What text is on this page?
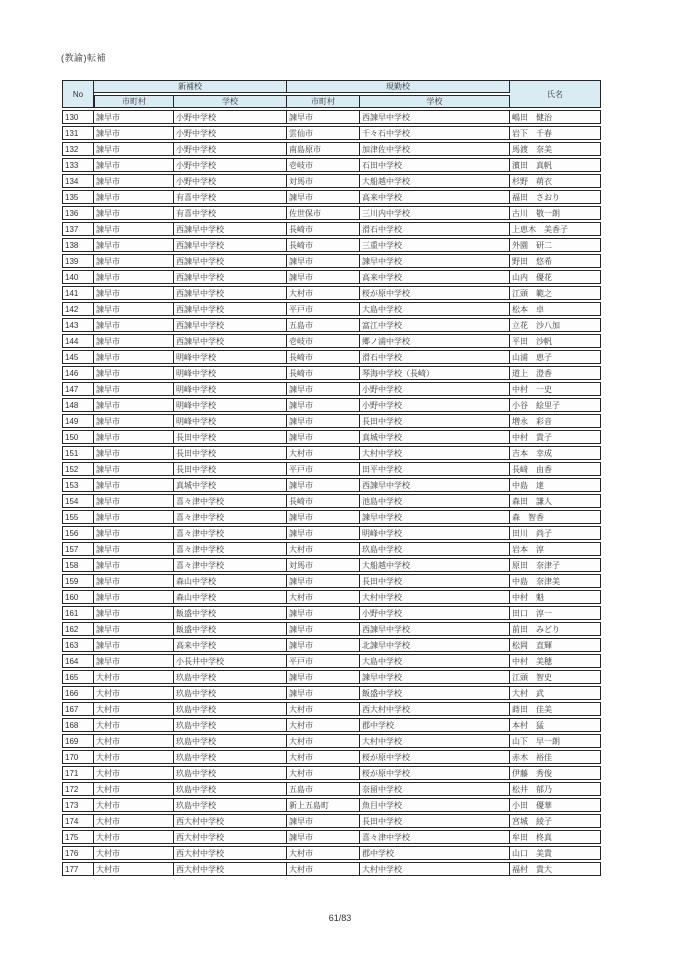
(教諭)転補
No	新補校		現勤校		氏名
	市町村	学校	市町村	学校	
130	諫早市	小野中学校	諫早市	西諫早中学校	嶋田　健治
131	諫早市	小野中学校	雲仙市	千々石中学校	岩下　千春
132	諫早市	小野中学校	南島原市	加津佐中学校	馬渡　奈美
133	諫早市	小野中学校	壱岐市	石田中学校	濱田　真帆
134	諫早市	小野中学校	対馬市	大船越中学校	杉野　萌衣
135	諫早市	有喜中学校	諫早市	高来中学校	福田　さおり
136	諫早市	有喜中学校	佐世保市	三川内中学校	古川　敬一朗
137	諫早市	西諫早中学校	長崎市	滑石中学校	上恵木　美香子
138	諫早市	西諫早中学校	長崎市	三重中学校	外園　研二
139	諫早市	西諫早中学校	諫早市	諫早中学校	野田　悠希
140	諫早市	西諫早中学校	諫早市	高来中学校	山内　優花
141	諫早市	西諫早中学校	大村市	桜が原中学校	江頭　範之
142	諫早市	西諫早中学校	平戸市	大島中学校	松本　卓
143	諫早市	西諫早中学校	五島市	富江中学校	立花　沙八加
144	諫早市	西諫早中学校	壱岐市	郷ノ浦中学校	平田　沙帆
145	諫早市	明峰中学校	長崎市	滑石中学校	山浦　恵子
146	諫早市	明峰中学校	長崎市	琴海中学校（長崎）	道上　澄香
147	諫早市	明峰中学校	諫早市	小野中学校	中村　一史
148	諫早市	明峰中学校	諫早市	小野中学校	小谷　絵里子
149	諫早市	明峰中学校	諫早市	長田中学校	増永　彩音
150	諫早市	長田中学校	諫早市	真城中学校	中村　貴子
151	諫早市	長田中学校	大村市	大村中学校	吉本　幸成
152	諫早市	長田中学校	平戸市	田平中学校	長﨑　由香
153	諫早市	真城中学校	諫早市	西諫早中学校	中島　達
154	諫早市	喜々津中学校	長崎市	池島中学校	森田　謙人
155	諫早市	喜々津中学校	諫早市	諫早中学校	森　智香
156	諫早市	喜々津中学校	諫早市	明峰中学校	田川　尚子
157	諫早市	喜々津中学校	大村市	玖島中学校	岩本　淳
158	諫早市	喜々津中学校	対馬市	大船越中学校	原田　奈津子
159	諫早市	森山中学校	諫早市	長田中学校	中島　奈津美
160	諫早市	森山中学校	大村市	大村中学校	中村　魁
161	諫早市	飯盛中学校	諫早市	小野中学校	田口　淳一
162	諫早市	飯盛中学校	諫早市	西諫早中学校	前田　みどり
163	諫早市	高来中学校	諫早市	北諫早中学校	松岡　直輝
164	諫早市	小長井中学校	平戸市	大島中学校	中村　美穂
165	大村市	玖島中学校	諫早市	諫早中学校	江頭　智史
166	大村市	玖島中学校	諫早市	飯盛中学校	大村　武
167	大村市	玖島中学校	大村市	西大村中学校	蒔田　佳美
168	大村市	玖島中学校	大村市	郡中学校	本村　猛
169	大村市	玖島中学校	大村市	大村中学校	山下　早一朗
170	大村市	玖島中学校	大村市	桜が原中学校	赤木　裕佳
171	大村市	玖島中学校	大村市	桜が原中学校	伊藤　秀俊
172	大村市	玖島中学校	五島市	奈留中学校	松井　郁乃
173	大村市	玖島中学校	新上五島町	魚目中学校	小田　優華
174	大村市	西大村中学校	諫早市	長田中学校	宮城　綾子
175	大村市	西大村中学校	諫早市	喜々津中学校	牟田　柊真
176	大村市	西大村中学校	大村市	郡中学校	山口　美貴
177	大村市	西大村中学校	大村市	大村中学校	福村　貴大
61/83
